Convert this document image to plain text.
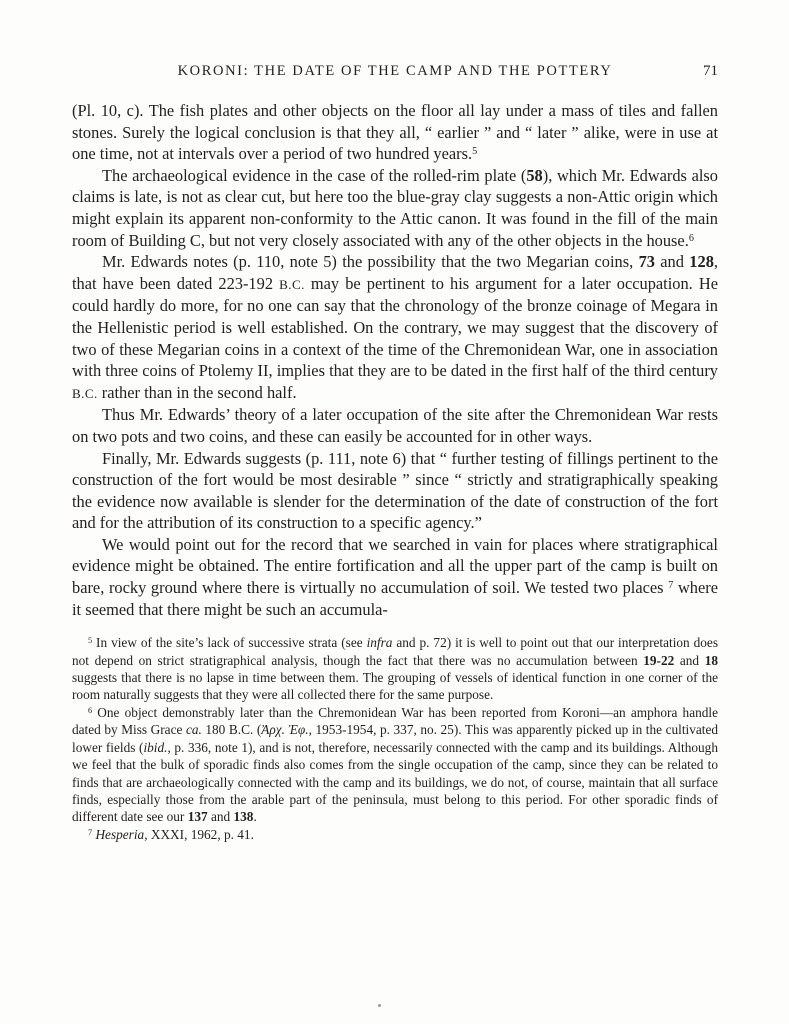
KORONI: THE DATE OF THE CAMP AND THE POTTERY	71

(Pl. 10, c). The fish plates and other objects on the floor all lay under a mass of tiles and fallen stones. Surely the logical conclusion is that they all, “ earlier ” and “ later ” alike, were in use at one time, not at intervals over a period of two hundred years.$^5$

The archaeological evidence in the case of the rolled-rim plate (58), which Mr. Edwards also claims is late, is not as clear cut, but here too the blue-gray clay suggests a non-Attic origin which might explain its apparent non-conformity to the Attic canon. It was found in the fill of the main room of Building C, but not very closely associated with any of the other objects in the house.$^6$

Mr. Edwards notes (p. 110, note 5) the possibility that the two Megarian coins, 73 and 128, that have been dated 223-192 B.C. may be pertinent to his argument for a later occupation. He could hardly do more, for no one can say that the chronology of the bronze coinage of Megara in the Hellenistic period is well established. On the contrary, we may suggest that the discovery of two of these Megarian coins in a context of the time of the Chremonidean War, one in association with three coins of Ptolemy II, implies that they are to be dated in the first half of the third century B.C. rather than in the second half.

Thus Mr. Edwards’ theory of a later occupation of the site after the Chremonidean War rests on two pots and two coins, and these can easily be accounted for in other ways.

Finally, Mr. Edwards suggests (p. 111, note 6) that “ further testing of fillings pertinent to the construction of the fort would be most desirable ” since “ strictly and stratigraphically speaking the evidence now available is slender for the determination of the date of construction of the fort and for the attribution of its construction to a specific agency.”

We would point out for the record that we searched in vain for places where stratigraphical evidence might be obtained. The entire fortification and all the upper part of the camp is built on bare, rocky ground where there is virtually no accumulation of soil. We tested two places $^7$ where it seemed that there might be such an accumula-

$^5$ In view of the site’s lack of successive strata (see infra and p. 72) it is well to point out that our interpretation does not depend on strict stratigraphical analysis, though the fact that there was no accumulation between 19-22 and 18 suggests that there is no lapse in time between them. The grouping of vessels of identical function in one corner of the room naturally suggests that they were all collected there for the same purpose.

$^6$ One object demonstrably later than the Chremonidean War has been reported from Koroni—an amphora handle dated by Miss Grace ca. 180 B.C. (Ἀρχ. Ἐφ., 1953-1954, p. 337, no. 25). This was apparently picked up in the cultivated lower fields (ibid., p. 336, note 1), and is not, therefore, necessarily connected with the camp and its buildings. Although we feel that the bulk of sporadic finds also comes from the single occupation of the camp, since they can be related to finds that are archaeologically connected with the camp and its buildings, we do not, of course, maintain that all surface finds, especially those from the arable part of the peninsula, must belong to this period. For other sporadic finds of different date see our 137 and 138.

$^7$ Hesperia, XXXI, 1962, p. 41.
